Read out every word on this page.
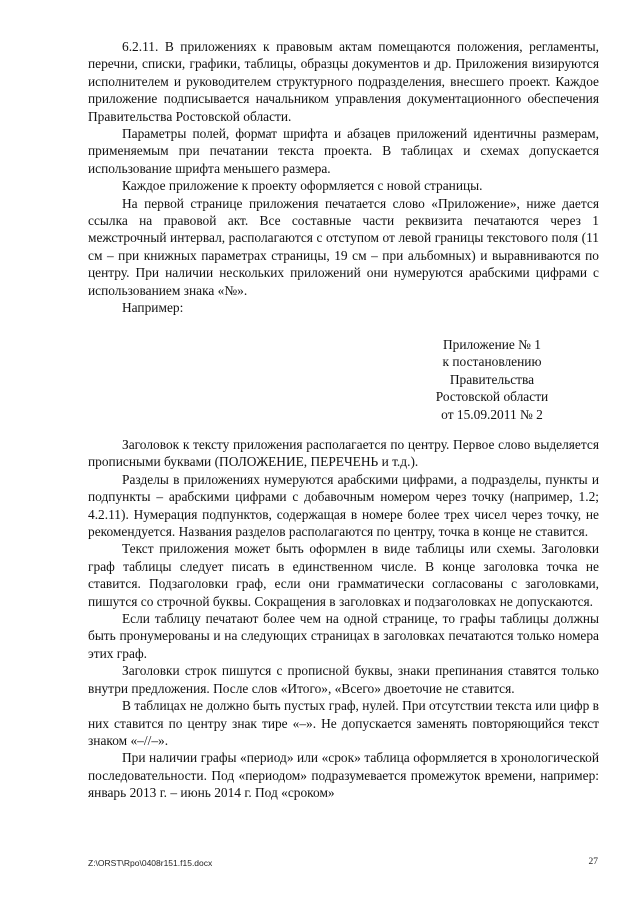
6.2.11. В приложениях к правовым актам помещаются положения, регламенты, перечни, списки, графики, таблицы, образцы документов и др. Приложения визируются исполнителем и руководителем структурного подразделения, внесшего проект. Каждое приложение подписывается начальником управления документационного обеспечения Правительства Ростовской области.

Параметры полей, формат шрифта и абзацев приложений идентичны размерам, применяемым при печатании текста проекта. В таблицах и схемах допускается использование шрифта меньшего размера.

Каждое приложение к проекту оформляется с новой страницы.

На первой странице приложения печатается слово «Приложение», ниже дается ссылка на правовой акт. Все составные части реквизита печатаются через 1 межстрочный интервал, располагаются с отступом от левой границы текстового поля (11 см – при книжных параметрах страницы, 19 см – при альбомных) и выравниваются по центру. При наличии нескольких приложений они нумеруются арабскими цифрами с использованием знака «№».

Например:

Приложение № 1
к постановлению
Правительства
Ростовской области
от 15.09.2011 № 2

Заголовок к тексту приложения располагается по центру. Первое слово выделяется прописными буквами (ПОЛОЖЕНИЕ, ПЕРЕЧЕНЬ и т.д.).

Разделы в приложениях нумеруются арабскими цифрами, а подразделы, пункты и подпункты – арабскими цифрами с добавочным номером через точку (например, 1.2; 4.2.11). Нумерация подпунктов, содержащая в номере более трех чисел через точку, не рекомендуется. Названия разделов располагаются по центру, точка в конце не ставится.

Текст приложения может быть оформлен в виде таблицы или схемы. Заголовки граф таблицы следует писать в единственном числе. В конце заголовка точка не ставится. Подзаголовки граф, если они грамматически согласованы с заголовками, пишутся со строчной буквы. Сокращения в заголовках и подзаголовках не допускаются.

Если таблицу печатают более чем на одной странице, то графы таблицы должны быть пронумерованы и на следующих страницах в заголовках печатаются только номера этих граф.

Заголовки строк пишутся с прописной буквы, знаки препинания ставятся только внутри предложения. После слов «Итого», «Всего» двоеточие не ставится.

В таблицах не должно быть пустых граф, нулей. При отсутствии текста или цифр в них ставится по центру знак тире «–». Не допускается заменять повторяющийся текст знаком «–//–».

При наличии графы «период» или «срок» таблица оформляется в хронологической последовательности. Под «периодом» подразумевается промежуток времени, например: январь 2013 г. – июнь 2014 г. Под «сроком»

Z:\ORST\Rpo\0408r151.f15.docx	27
